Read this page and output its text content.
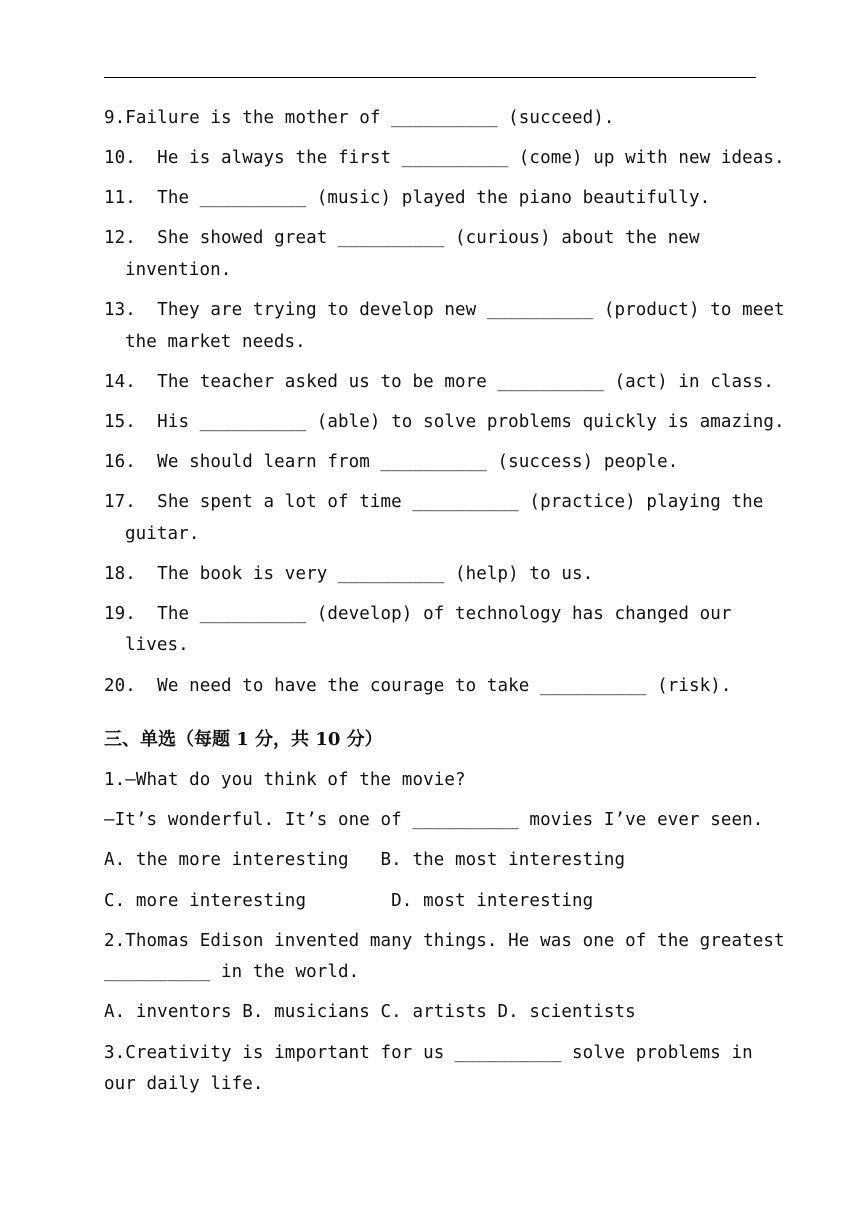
9.Failure is the mother of __________ (succeed).
10.  He is always the first __________ (come) up with new ideas.
11.  The __________ (music) played the piano beautifully.
12.  She showed great __________ (curious) about the new
invention.
13.  They are trying to develop new __________ (product) to meet
the market needs.
14.  The teacher asked us to be more __________ (act) in class.
15.  His __________ (able) to solve problems quickly is amazing.
16.  We should learn from __________ (success) people.
17.  She spent a lot of time __________ (practice) playing the
guitar.
18.  The book is very __________ (help) to us.
19.  The __________ (develop) of technology has changed our
lives.
20.  We need to have the courage to take __________ (risk).
三、单选（每题 1 分，共 10 分）
1.—What do you think of the movie?
—It’s wonderful. It’s one of __________ movies I’ve ever seen.
A. the more interesting   B. the most interesting
C. more interesting        D. most interesting
2.Thomas Edison invented many things. He was one of the greatest
__________ in the world.
A. inventors B. musicians C. artists D. scientists
3.Creativity is important for us __________ solve problems in
our daily life.
